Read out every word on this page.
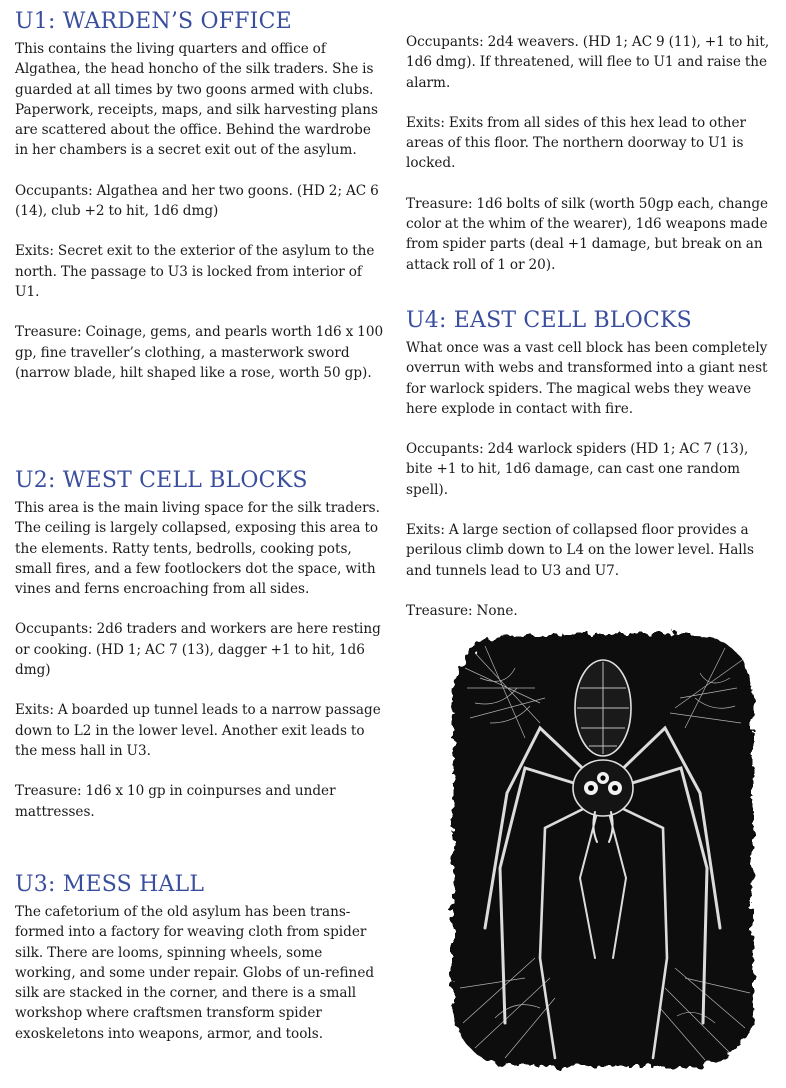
U1: WARDEN’S OFFICE

This contains the living quarters and office of Algathea, the head honcho of the silk traders. She is guarded at all times by two goons armed with clubs. Paperwork, receipts, maps, and silk harvesting plans are scattered about the office. Behind the wardrobe in her chambers is a secret exit out of the asylum.

Occupants: Algathea and her two goons. (HD 2; AC 6 (14), club +2 to hit, 1d6 dmg)

Exits: Secret exit to the exterior of the asylum to the north. The passage to U3 is locked from interior of U1.

Treasure: Coinage, gems, and pearls worth 1d6 x 100 gp, fine traveller’s clothing, a masterwork sword (narrow blade, hilt shaped like a rose, worth 50 gp).

U2: WEST CELL BLOCKS

This area is the main living space for the silk traders. The ceiling is largely collapsed, exposing this area to the elements. Ratty tents, bedrolls, cooking pots, small fires, and a few footlockers dot the space, with vines and ferns encroaching from all sides.

Occupants: 2d6 traders and workers are here resting or cooking. (HD 1; AC 7 (13), dagger +1 to hit, 1d6 dmg)

Exits: A boarded up tunnel leads to a narrow passage down to L2 in the lower level. Another exit leads to the mess hall in U3.

Treasure: 1d6 x 10 gp in coinpurses and under mattresses.

U3: MESS HALL

The cafetorium of the old asylum has been trans-formed into a factory for weaving cloth from spider silk. There are looms, spinning wheels, some working, and some under repair. Globs of un-refined silk are stacked in the corner, and there is a small workshop where craftsmen transform spider exoskeletons into weapons, armor, and tools.

Occupants: 2d4 weavers. (HD 1; AC 9 (11), +1 to hit, 1d6 dmg). If threatened, will flee to U1 and raise the alarm.

Exits: Exits from all sides of this hex lead to other areas of this floor. The northern doorway to U1 is locked.

Treasure: 1d6 bolts of silk (worth 50gp each, change color at the whim of the wearer), 1d6 weapons made from spider parts (deal +1 damage, but break on an attack roll of 1 or 20).

U4: EAST CELL BLOCKS

What once was a vast cell block has been completely overrun with webs and transformed into a giant nest for warlock spiders. The magical webs they weave here explode in contact with fire.

Occupants: 2d4 warlock spiders (HD 1; AC 7 (13), bite +1 to hit, 1d6 damage, can cast one random spell).

Exits: A large section of collapsed floor provides a perilous climb down to L4 on the lower level. Halls and tunnels lead to U3 and U7.

Treasure: None.
